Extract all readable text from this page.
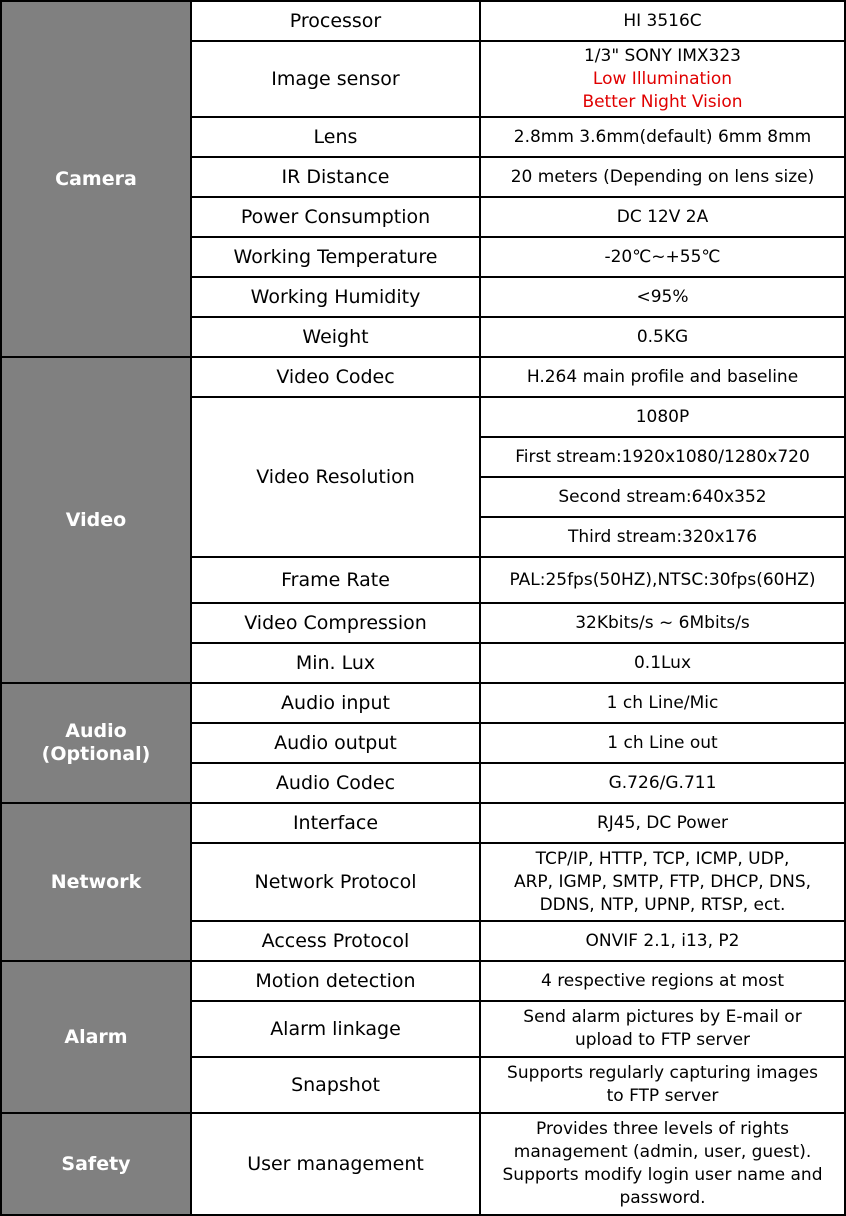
Camera	Processor	HI 3516C
	Image sensor	1/3" SONY IMX323
Low Illumination
Better Night Vision

	Lens	2.8mm 3.6mm(default) 6mm 8mm
	IR Distance	20 meters (Depending on lens size)
	Power Consumption	DC 12V 2A
	Working Temperature	-20℃~+55℃
	Working Humidity	<95%
	Weight	0.5KG
Video	Video Codec	H.264 main profile and baseline
	Video Resolution	1080P
		First stream:1920x1080/1280x720
		Second stream:640x352
		Third stream:320x176
	Frame Rate	PAL:25fps(50HZ),NTSC:30fps(60HZ)
	Video Compression	32Kbits/s ~ 6Mbits/s
	Min. Lux	0.1Lux

Audio
(Optional)	Audio input	1 ch Line/Mic
	Audio output	1 ch Line out
	Audio Codec	G.726/G.711
Network	Interface	RJ45, DC Power
	Network Protocol	TCP/IP, HTTP, TCP, ICMP, UDP,
ARP, IGMP, SMTP, FTP, DHCP, DNS,
DDNS, NTP, UPNP, RTSP, ect.

	Access Protocol	ONVIF 2.1, i13, P2
Alarm	Motion detection	4 respective regions at most
	Alarm linkage	Send alarm pictures by E-mail or
upload to FTP server

	Snapshot	Supports regularly capturing images
to FTP server

Safety	User management	Provides three levels of rights
management (admin, user, guest).
Supports modify login user name and
password.
